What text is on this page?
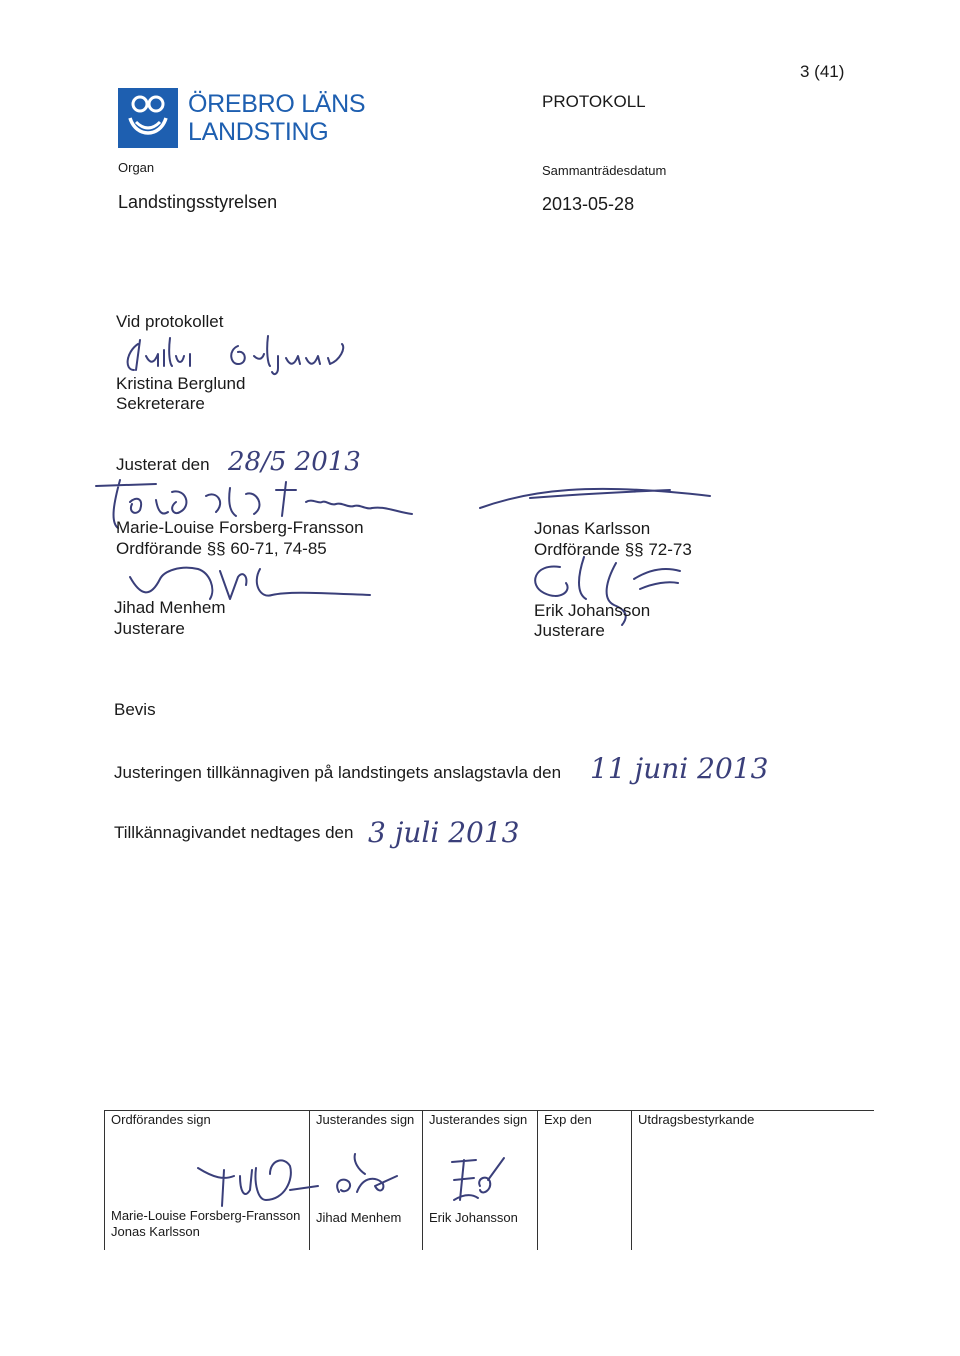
3 (41)
ÖREBRO LÄNS
LANDSTING
PROTOKOLL
Organ
Landstingsstyrelsen
Sammanträdesdatum
2013-05-28
Vid protokollet
Kristina Berglund
Sekreterare
Justerat den 28/5 2013
Marie-Louise Forsberg-Fransson
Ordförande §§ 60-71, 74-85
Jonas Karlsson
Ordförande §§ 72-73
Jihad Menhem
Justerare
Erik Johansson
Justerare
Bevis
Justeringen tillkännagiven på landstingets anslagstavla den 11 juni 2013
Tillkännagivandet nedtages den 3 juli 2013
Ordförandes sign	Justerandes sign Justerandes sign Exp den	Utdragsbestyrkande
Marie-Louise Forsberg-Fransson
Jonas Karlsson
Jihad Menhem Erik Johansson
